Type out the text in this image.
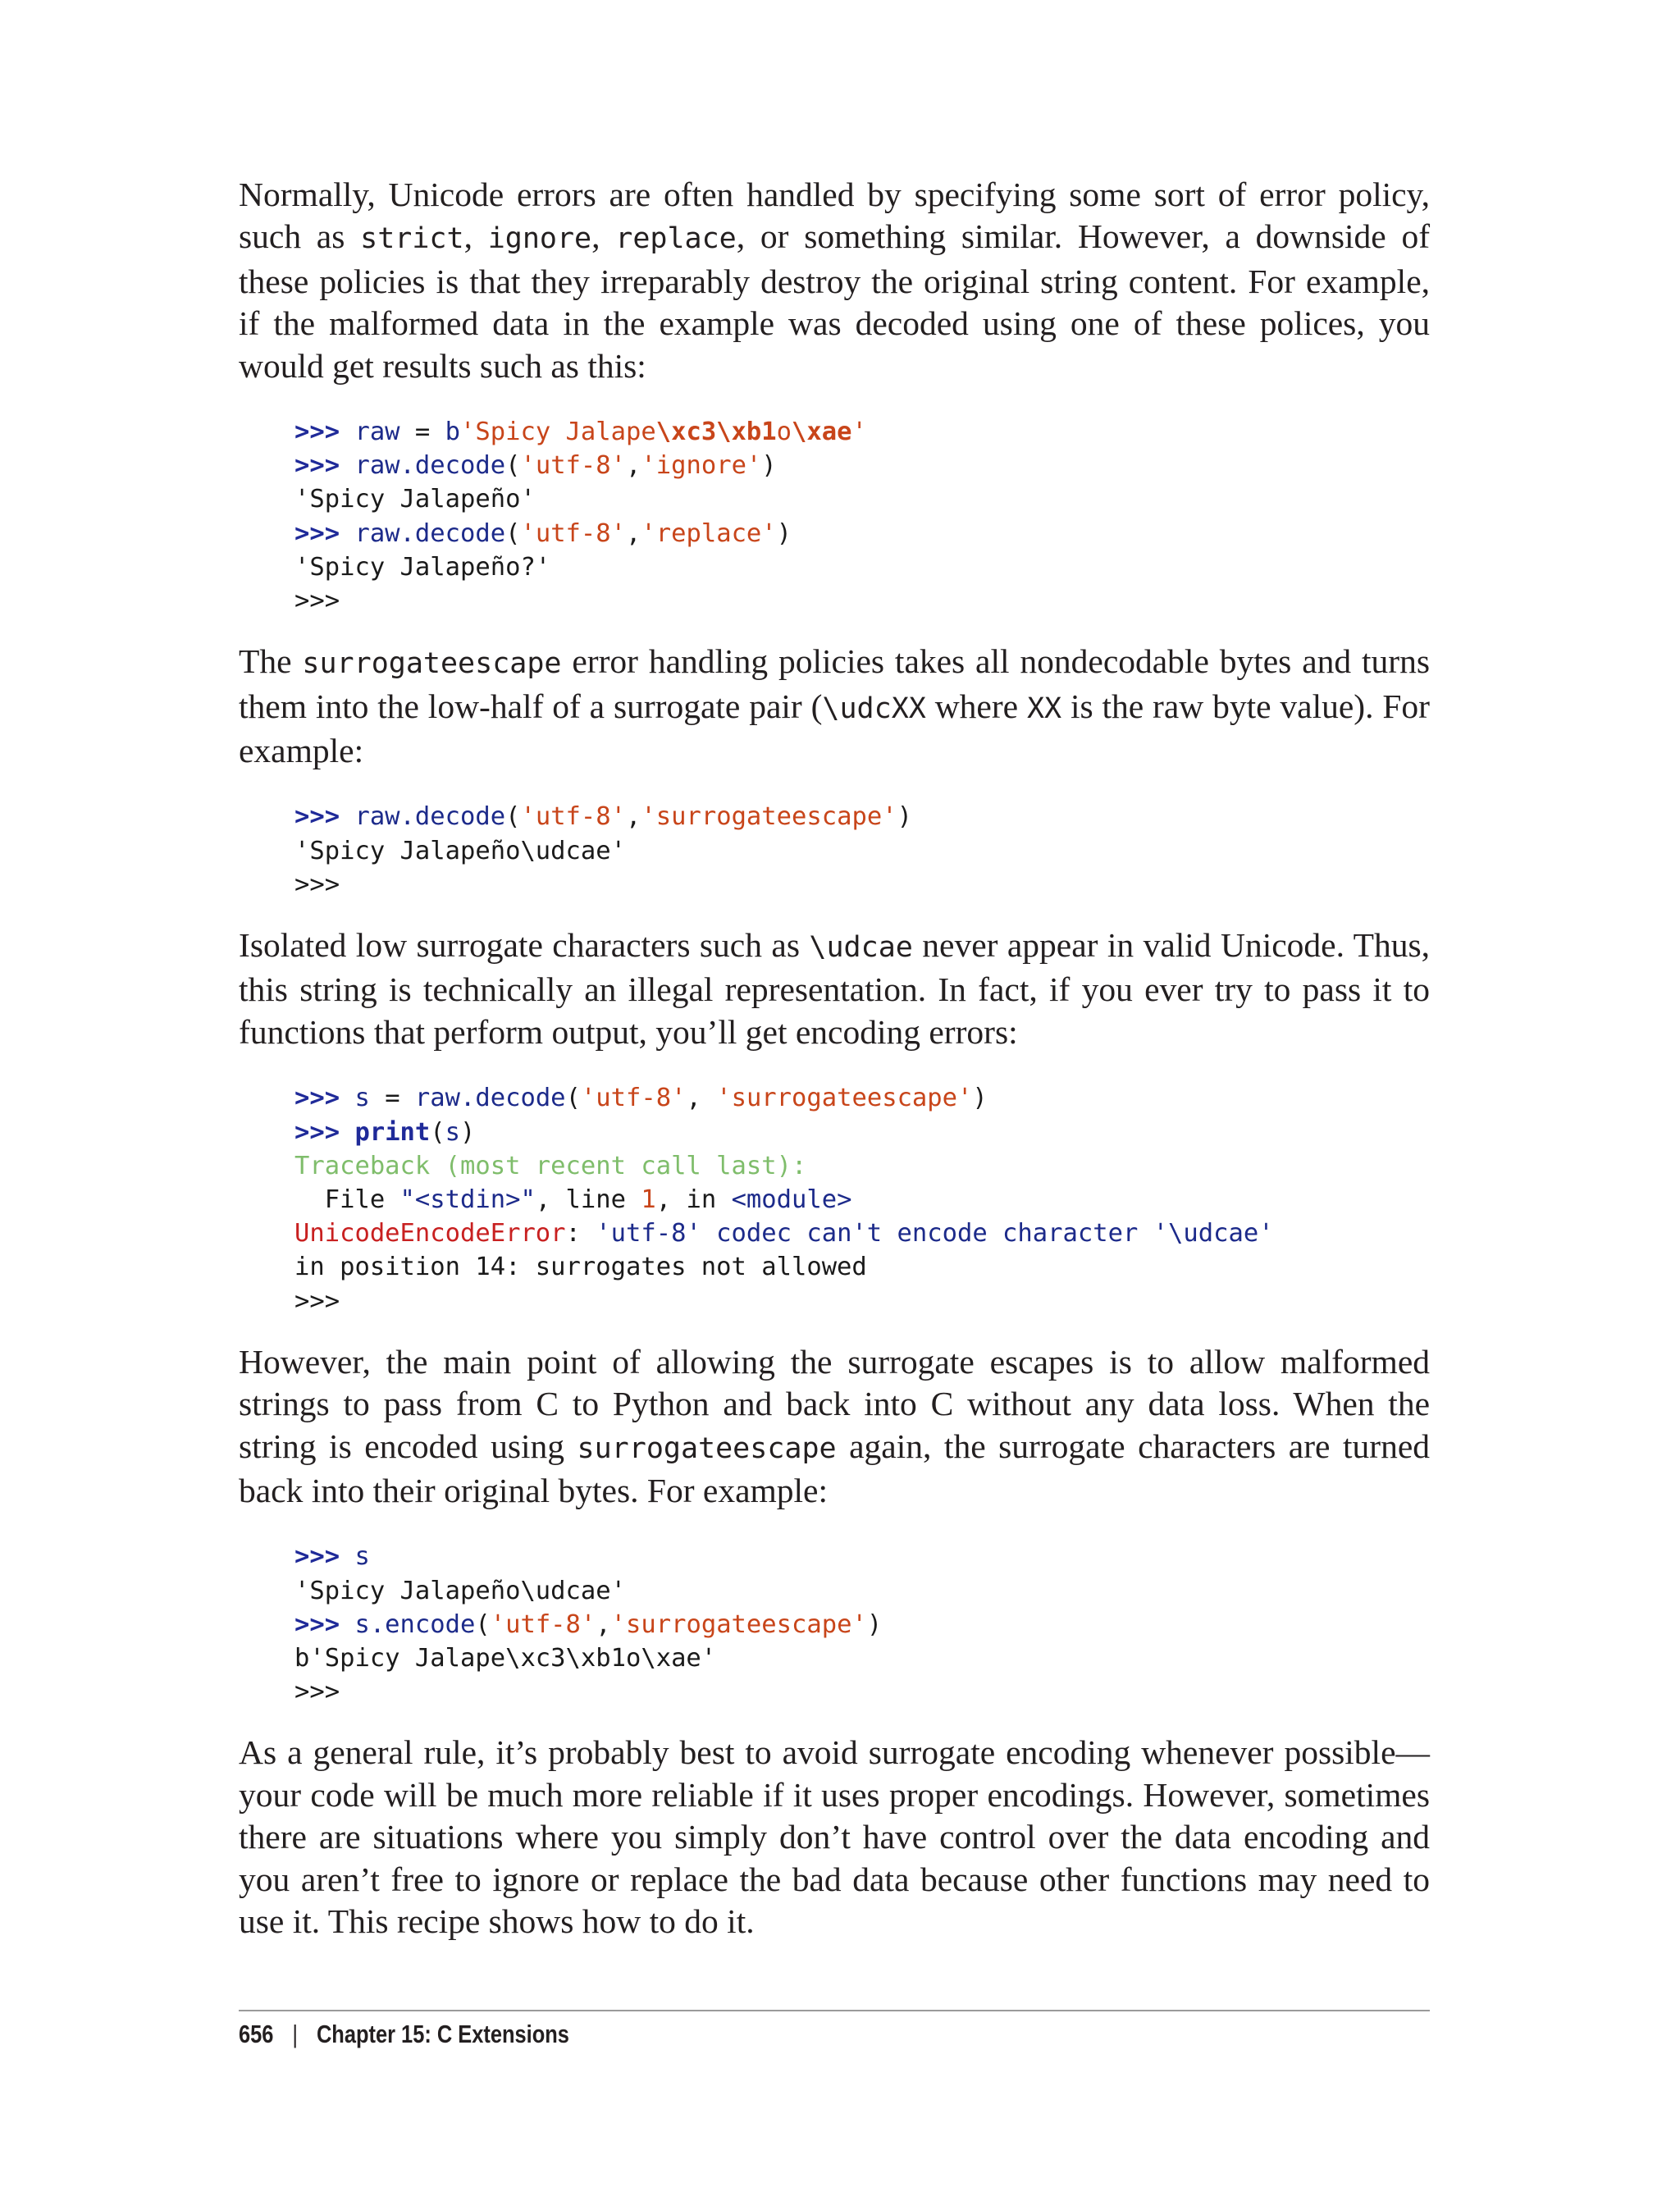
Normally, Unicode errors are often handled by specifying some sort of error policy, such as strict, ignore, replace, or something similar. However, a downside of these policies is that they irreparably destroy the original string content. For example, if the malformed data in the example was decoded using one of these polices, you would get results such as this:

>>> raw = b'Spicy Jalape\xc3\xb1o\xae'
>>> raw.decode('utf-8','ignore')
'Spicy Jalapeño'
>>> raw.decode('utf-8','replace')
'Spicy Jalapeño?'
>>>

The surrogateescape error handling policies takes all nondecodable bytes and turns them into the low-half of a surrogate pair (\udcXX where XX is the raw byte value). For example:

>>> raw.decode('utf-8','surrogateescape')
'Spicy Jalapeño\udcae'
>>>

Isolated low surrogate characters such as \udcae never appear in valid Unicode. Thus, this string is technically an illegal representation. In fact, if you ever try to pass it to functions that perform output, you’ll get encoding errors:

>>> s = raw.decode('utf-8', 'surrogateescape')
>>> print(s)
Traceback (most recent call last):
File "<stdin>", line 1, in <module>
UnicodeEncodeError: 'utf-8' codec can't encode character '\udcae'
in position 14: surrogates not allowed
>>>

However, the main point of allowing the surrogate escapes is to allow malformed strings to pass from C to Python and back into C without any data loss. When the string is encoded using surrogateescape again, the surrogate characters are turned back into their original bytes. For example:

>>> s
'Spicy Jalapeño\udcae'
>>> s.encode('utf-8','surrogateescape')
b'Spicy Jalape\xc3\xb1o\xae'
>>>

As a general rule, it’s probably best to avoid surrogate encoding whenever possible—your code will be much more reliable if it uses proper encodings. However, sometimes there are situations where you simply don’t have control over the data encoding and you aren’t free to ignore or replace the bad data because other functions may need to use it. This recipe shows how to do it.

656 | Chapter 15: C Extensions
